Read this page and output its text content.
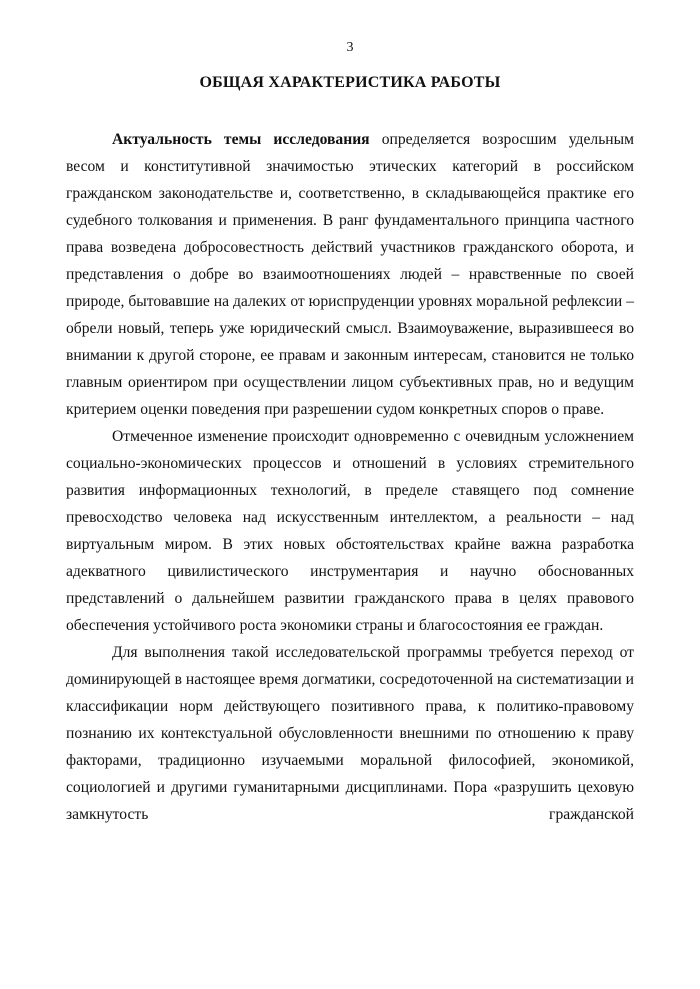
3
ОБЩАЯ ХАРАКТЕРИСТИКА РАБОТЫ

Актуальность темы исследования определяется возросшим удельным весом и конститутивной значимостью этических категорий в российском гражданском законодательстве и, соответственно, в складывающейся практике его судебного толкования и применения. В ранг фундаментального принципа частного права возведена добросовестность действий участников гражданского оборота, и представления о добре во взаимоотношениях людей – нравственные по своей природе, бытовавшие на далеких от юриспруденции уровнях моральной рефлексии – обрели новый, теперь уже юридический смысл. Взаимоуважение, выразившееся во внимании к другой стороне, ее правам и законным интересам, становится не только главным ориентиром при осуществлении лицом субъективных прав, но и ведущим критерием оценки поведения при разрешении судом конкретных споров о праве.

Отмеченное изменение происходит одновременно с очевидным усложнением социально-экономических процессов и отношений в условиях стремительного развития информационных технологий, в пределе ставящего под сомнение превосходство человека над искусственным интеллектом, а реальности – над виртуальным миром. В этих новых обстоятельствах крайне важна разработка адекватного цивилистического инструментария и научно обоснованных представлений о дальнейшем развитии гражданского права в целях правового обеспечения устойчивого роста экономики страны и благосостояния ее граждан.

Для выполнения такой исследовательской программы требуется переход от доминирующей в настоящее время догматики, сосредоточенной на систематизации и классификации норм действующего позитивного права, к политико-правовому познанию их контекстуальной обусловленности внешними по отношению к праву факторами, традиционно изучаемыми моральной философией, экономикой, социологией и другими гуманитарными дисциплинами. Пора «разрушить цеховую замкнутость гражданской
